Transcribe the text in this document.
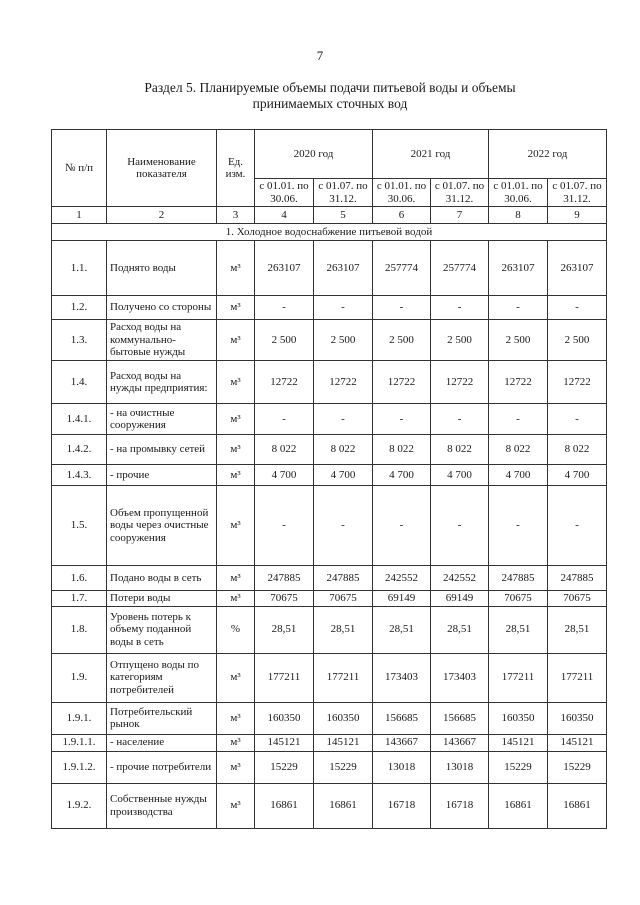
7
Раздел 5. Планируемые объемы подачи питьевой воды и объемы
принимаемых сточных вод
№ п/п	Наименование показателя	Ед. изм.	2020 год		2021 год		2022 год	
			с 01.01. по 30.06.	с 01.07. по 31.12.	с 01.01. по 30.06.	с 01.07. по 31.12.	с 01.01. по 30.06.	с 01.07. по 31.12.
1	2	3	4	5	6	7	8	9
1. Холодное водоснабжение питьевой водой								
1.1.	Поднято воды	м³	263107	263107	257774	257774	263107	263107
1.2.	Получено со стороны	м³	-	-	-	-	-	-
1.3.	Расход воды на коммунально-бытовые нужды	м³	2 500	2 500	2 500	2 500	2 500	2 500
1.4.	Расход воды на нужды предприятия:	м³	12722	12722	12722	12722	12722	12722
1.4.1.	- на очистные сооружения	м³	-	-	-	-	-	-
1.4.2.	- на промывку сетей	м³	8 022	8 022	8 022	8 022	8 022	8 022
1.4.3.	- прочие	м³	4 700	4 700	4 700	4 700	4 700	4 700
1.5.	Объем пропущенной воды через очистные сооружения	м³	-	-	-	-	-	-
1.6.	Подано воды в сеть	м³	247885	247885	242552	242552	247885	247885
1.7.	Потери воды	м³	70675	70675	69149	69149	70675	70675
1.8.	Уровень потерь к объему поданной воды в сеть	%	28,51	28,51	28,51	28,51	28,51	28,51
1.9.	Отпущено воды по категориям потребителей	м³	177211	177211	173403	173403	177211	177211
1.9.1.	Потребительский рынок	м³	160350	160350	156685	156685	160350	160350
1.9.1.1.	- население	м³	145121	145121	143667	143667	145121	145121
1.9.1.2.	- прочие потребители	м³	15229	15229	13018	13018	15229	15229
1.9.2.	Собственные нужды производства	м³	16861	16861	16718	16718	16861	16861
